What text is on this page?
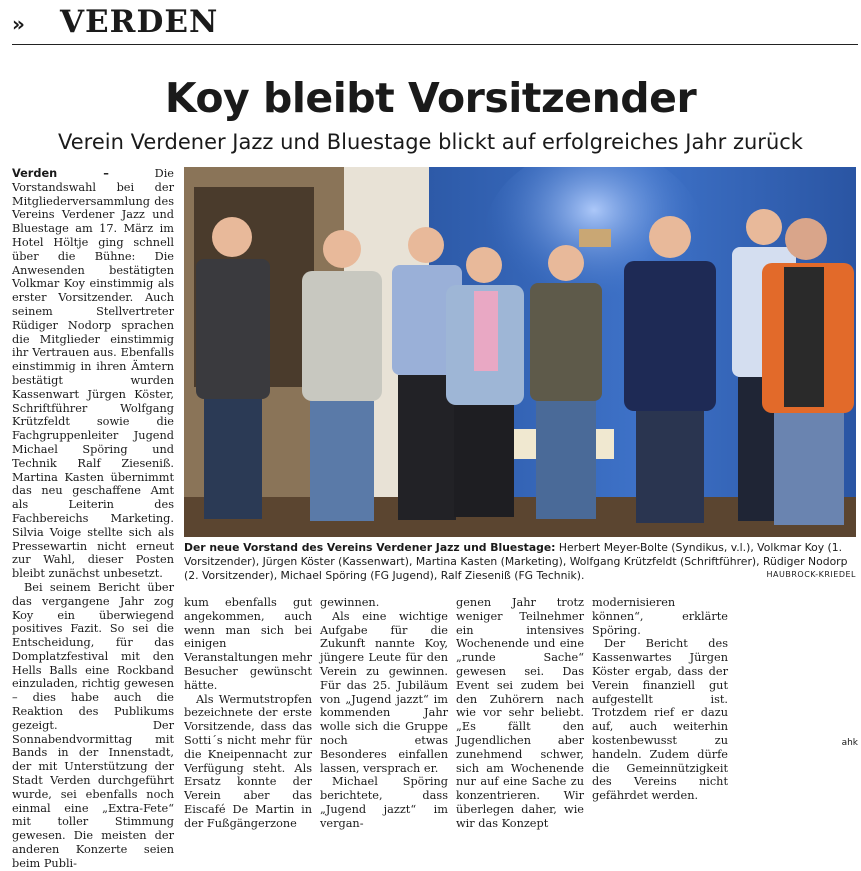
» VERDEN
Koy bleibt Vorsitzender
Verein Verdener Jazz und Bluestage blickt auf erfolgreiches Jahr zurück

Verden –	Die Vorstandswahl bei der Mitgliederversammlung des Vereins Verdener Jazz und Bluestage am 17. März im Hotel Höltje ging schnell über die Bühne: Die Anwesenden bestätigten Volkmar Koy einstimmig als erster Vorsitzender. Auch seinem Stellvertreter Rüdiger Nodorp sprachen die Mitglieder einstimmig ihr Vertrauen aus. Ebenfalls einstimmig in ihren Ämtern bestätigt wurden Kassenwart Jürgen Köster, Schriftführer Wolfgang Krützfeldt sowie die Fachgruppenleiter Jugend Michael Spöring und Technik Ralf Zieseniß. Martina Kasten übernimmt das neu geschaffene Amt als Leiterin des Fachbereichs Marketing. Silvia Voige stellte sich als Pressewartin nicht erneut zur Wahl, dieser Posten bleibt zunächst unbesetzt.

Bei seinem Bericht über das vergangene Jahr zog Koy ein überwiegend positives Fazit. So sei die Entscheidung, für das Domplatzfestival mit den Hells Balls eine Rockband einzuladen, richtig gewesen – dies habe auch die Reaktion des Publikums gezeigt. Der Sonnabendvormittag mit Bands in der Innenstadt, der mit Unterstützung der Stadt Verden durchgeführt wurde, sei ebenfalls noch einmal eine „Extra-Fete“ mit toller Stimmung gewesen. Die meisten der anderen Konzerte seien beim Publi-

Der neue Vorstand des Vereins Verdener Jazz und Bluestage: Herbert Meyer-Bolte (Syndikus, v.l.), Volkmar Koy (1. Vorsitzender), Jürgen Köster (Kassenwart), Martina Kasten (Marketing), Wolfgang Krützfeldt (Schriftführer), Rüdiger Nodorp (2. Vorsitzender), Michael Spöring (FG Jugend), Ralf Zieseniß (FG Technik).	HAUBROCK-KRIEDEL

kum ebenfalls gut angekommen, auch wenn man sich bei einigen Veranstaltungen mehr Besucher gewünscht hätte.

Als Wermutstropfen bezeichnete der erste Vorsitzende, dass das Sotti´s nicht mehr für die Kneipennacht zur Verfügung steht. Als Ersatz konnte der Verein aber das Eiscafé De Martin in der Fußgängerzone

gewinnen.

Als eine wichtige Aufgabe für die Zukunft nannte Koy, jüngere Leute für den Verein zu gewinnen. Für das 25. Jubiläum von „Jugend jazzt“ im kommenden Jahr wolle sich die Gruppe noch etwas Besonderes einfallen lassen, versprach er.

Michael Spöring berichtete, dass „Jugend jazzt“ im vergan-

genen Jahr trotz weniger Teilnehmer ein intensives Wochenende und eine „runde Sache“ gewesen sei. Das Event sei zudem bei den Zuhörern nach wie vor sehr beliebt. „Es fällt den Jugendlichen aber zunehmend schwer, sich am Wochenende nur auf eine Sache zu konzentrieren. Wir überlegen daher, wie wir das Konzept

modernisieren können“, erklärte Spöring.

Der Bericht des Kassenwartes Jürgen Köster ergab, dass der Verein finanziell gut aufgestellt ist. Trotzdem rief er dazu auf, auch weiterhin kostenbewusst zu handeln. Zudem dürfe die Gemeinnützigkeit des Vereins nicht gefährdet werden.

ahk
